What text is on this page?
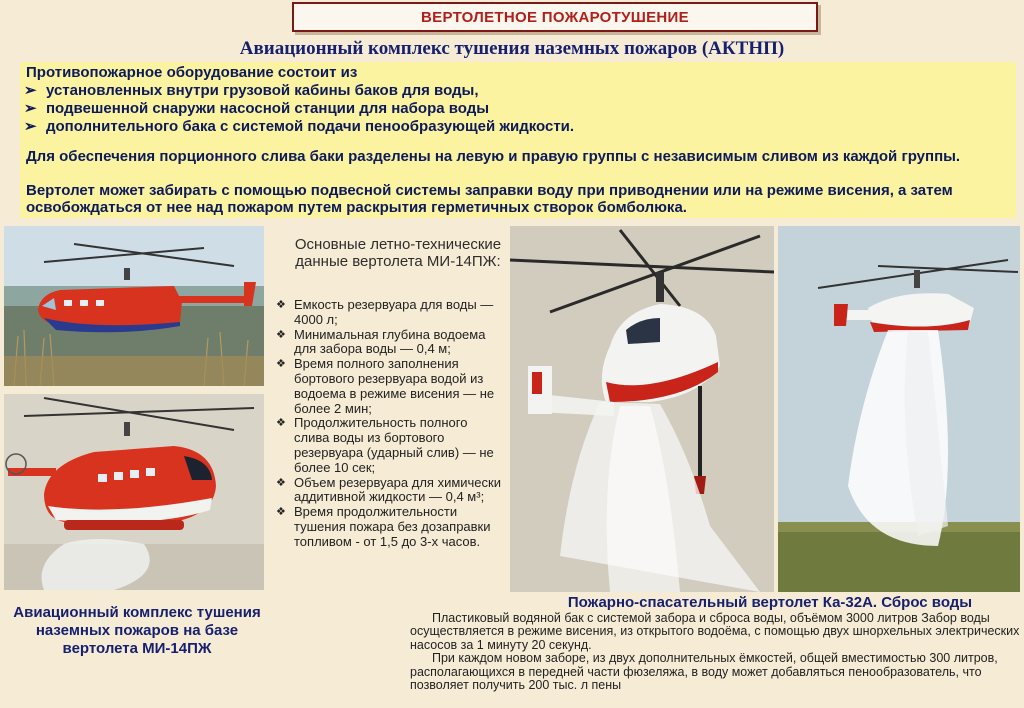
ВЕРТОЛЕТНОЕ ПОЖАРОТУШЕНИЕ
Авиационный комплекс тушения наземных пожаров (АКТНП)
Противопожарное оборудование состоит из
➢ установленных внутри грузовой кабины баков для воды,
➢ подвешенной снаружи насосной станции для набора воды
➢ дополнительного бака с системой подачи пенообразующей жидкости.
Для обеспечения порционного слива баки разделены на левую и правую группы с независимым сливом из каждой группы.
Вертолет может забирать с помощью подвесной системы заправки воду при приводнении или на режиме висения, а затем освобождаться от нее над пожаром путем раскрытия герметичных створок бомболюка.
Основные летно-технические данные вертолета МИ-14ПЖ:
❖ Емкость резервуара для воды — 4000 л;
❖ Минимальная глубина водоема для забора воды — 0,4 м;
❖ Время полного заполнения бортового резервуара водой из водоема в режиме висения — не более 2 мин;
❖ Продолжительность полного слива воды из бортового резервуара (ударный слив) — не более 10 сек;
❖ Объем резервуара для химически аддитивной жидкости — 0,4 м³;
❖ Время продолжительности тушения пожара без дозаправки топливом - от 1,5 до 3-х часов.
Авиационный комплекс тушения наземных пожаров на базе вертолета МИ-14ПЖ
Пожарно-спасательный вертолет Ка-32А. Сброс воды

Пластиковый водяной бак с системой забора и сброса воды, объёмом 3000 литров Забор воды осуществляется в режиме висения, из открытого водоёма, с помощью двух шнорхельных электрических насосов за 1 минуту 20 секунд.

При каждом новом заборе, из двух дополнительных ёмкостей, общей вместимостью 300 литров, располагающихся в передней части фюзеляжа, в воду может добавляться пенообразователь, что позволяет получить 200 тыс. л пены
